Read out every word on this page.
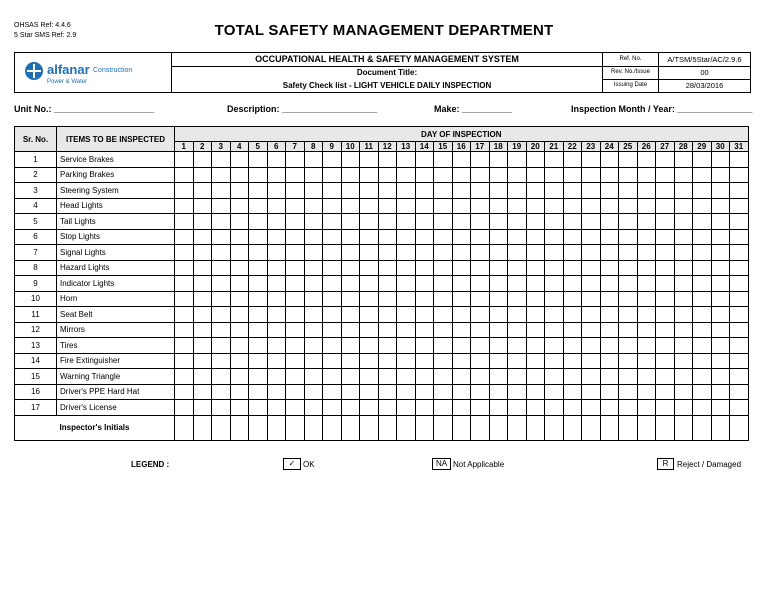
OHSAS Ref: 4.4.6
5 Star SMS Ref: 2.9	TOTAL SAFETY MANAGEMENT DEPARTMENT
alfanar Construction
Power & Water
OCCUPATIONAL HEALTH & SAFETY MANAGEMENT SYSTEM
Document Title:
Safety Check list - LIGHT VEHICLE DAILY INSPECTION
Ref. No.	A/TSM/5Star/AC/2.9.6
Rev. No./Issue	00
Issuing Date	28/03/2016
Unit No.: ____________________	Description: ___________________	Make: __________	Inspection Month / Year: _______________
Sr. No.	ITEMS TO BE INSPECTED	DAY OF INSPECTION																														
		1	2	3	4	5	6	7	8	9	10	11	12	13	14	15	16	17	18	19	20	21	22	23	24	25	26	27	28	29	30	31
1	Service Brakes																															
2	Parking Brakes																															
3	Steering System																															
4	Head Lights																															
5	Tail Lights																															
6	Stop Lights																															
7	Signal Lights																															
8	Hazard Lights																															
9	Indicator Lights																															
10	Horn																															
11	Seat Belt																															
12	Mirrors																															
13	Tires																															
14	Fire Extinguisher																															
15	Warning Triangle																															
16	Driver's PPE Hard Hat																															
17	Driver's License																															
Inspector's Initials																																
LEGEND :	✓ OK	NA Not Applicable	R	Reject / Damaged
